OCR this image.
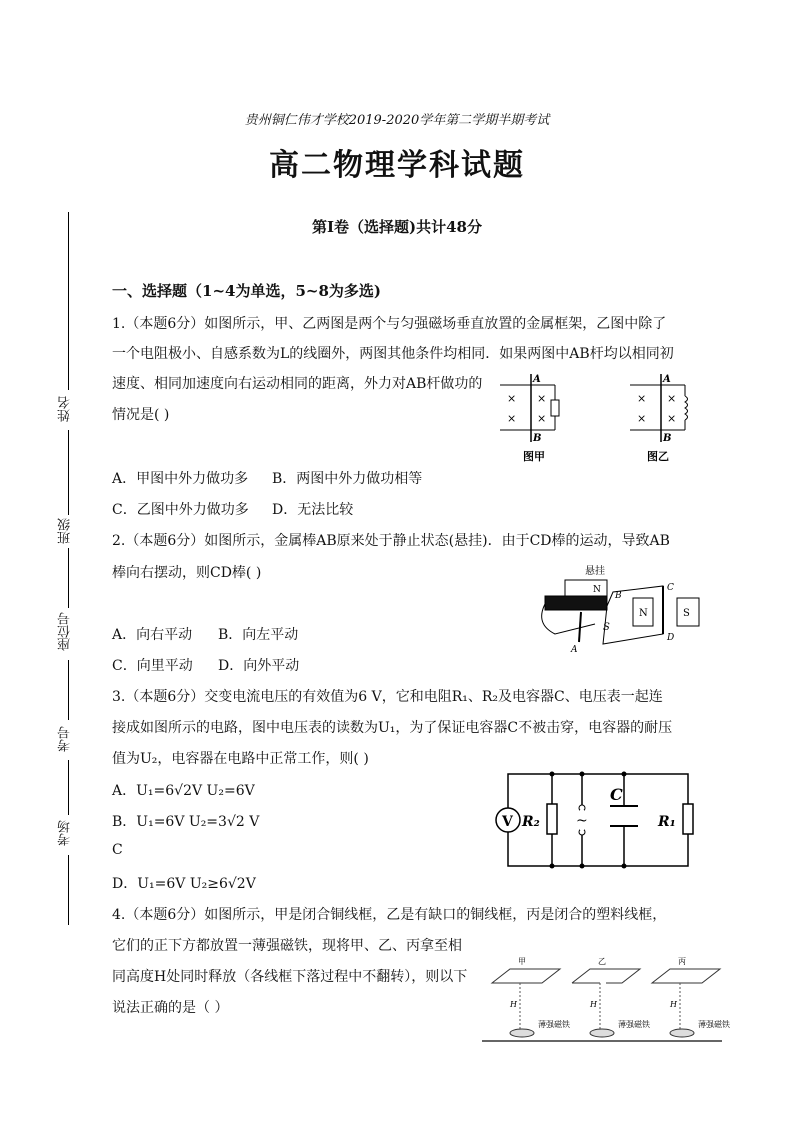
贵州铜仁伟才学校2019-2020学年第二学期半期考试
高二物理学科试题
第I卷（选择题)共计48分
姓名
班级
座位号
考号
考场
一、选择题（1~4为单选，5~8为多选)
1.（本题6分）如图所示，甲、乙两图是两个与匀强磁场垂直放置的金属框架，乙图中除了
一个电阻极小、自感系数为L的线圈外，两图其他条件均相同．如果两图中AB杆均以相同初
速度、相同加速度向右运动相同的距离，外力对AB杆做功的
情况是( )
× ×
× ×
A
B
图甲
× ×
× ×
A
B
图乙
A．甲图中外力做功多 B．两图中外力做功相等
C．乙图中外力做功多 D．无法比较
2.（本题6分）如图所示，金属棒AB原来处于静止状态(悬挂)．由于CD棒的运动，导致AB
棒向右摆动，则CD棒( )	悬挂
N
S
B
A
N
C
D
S
A．向右平动 B．向左平动
C．向里平动 D．向外平动
3.（本题6分）交变电流电压的有效值为6 V，它和电阻R₁、R₂及电容器C、电压表一起连
接成如图所示的电路，图中电压表的读数为U₁，为了保证电容器C不被击穿，电容器的耐压
值为U₂，电容器在电路中正常工作，则( )
V R₂	~
C
R₁
A．U₁=6√2V U₂=6V
B．U₁=6V U₂=3√2 V
C
D．U₁=6V U₂≥6√2V
4.（本题6分）如图所示，甲是闭合铜线框，乙是有缺口的铜线框，丙是闭合的塑料线框，
它们的正下方都放置一薄强磁铁，现将甲、乙、丙拿至相
同高度H处同时释放（各线框下落过程中不翻转），则以下
说法正确的是（ ）
甲
H
薄强磁铁
乙
H
薄强磁铁
丙
H
薄强磁铁
